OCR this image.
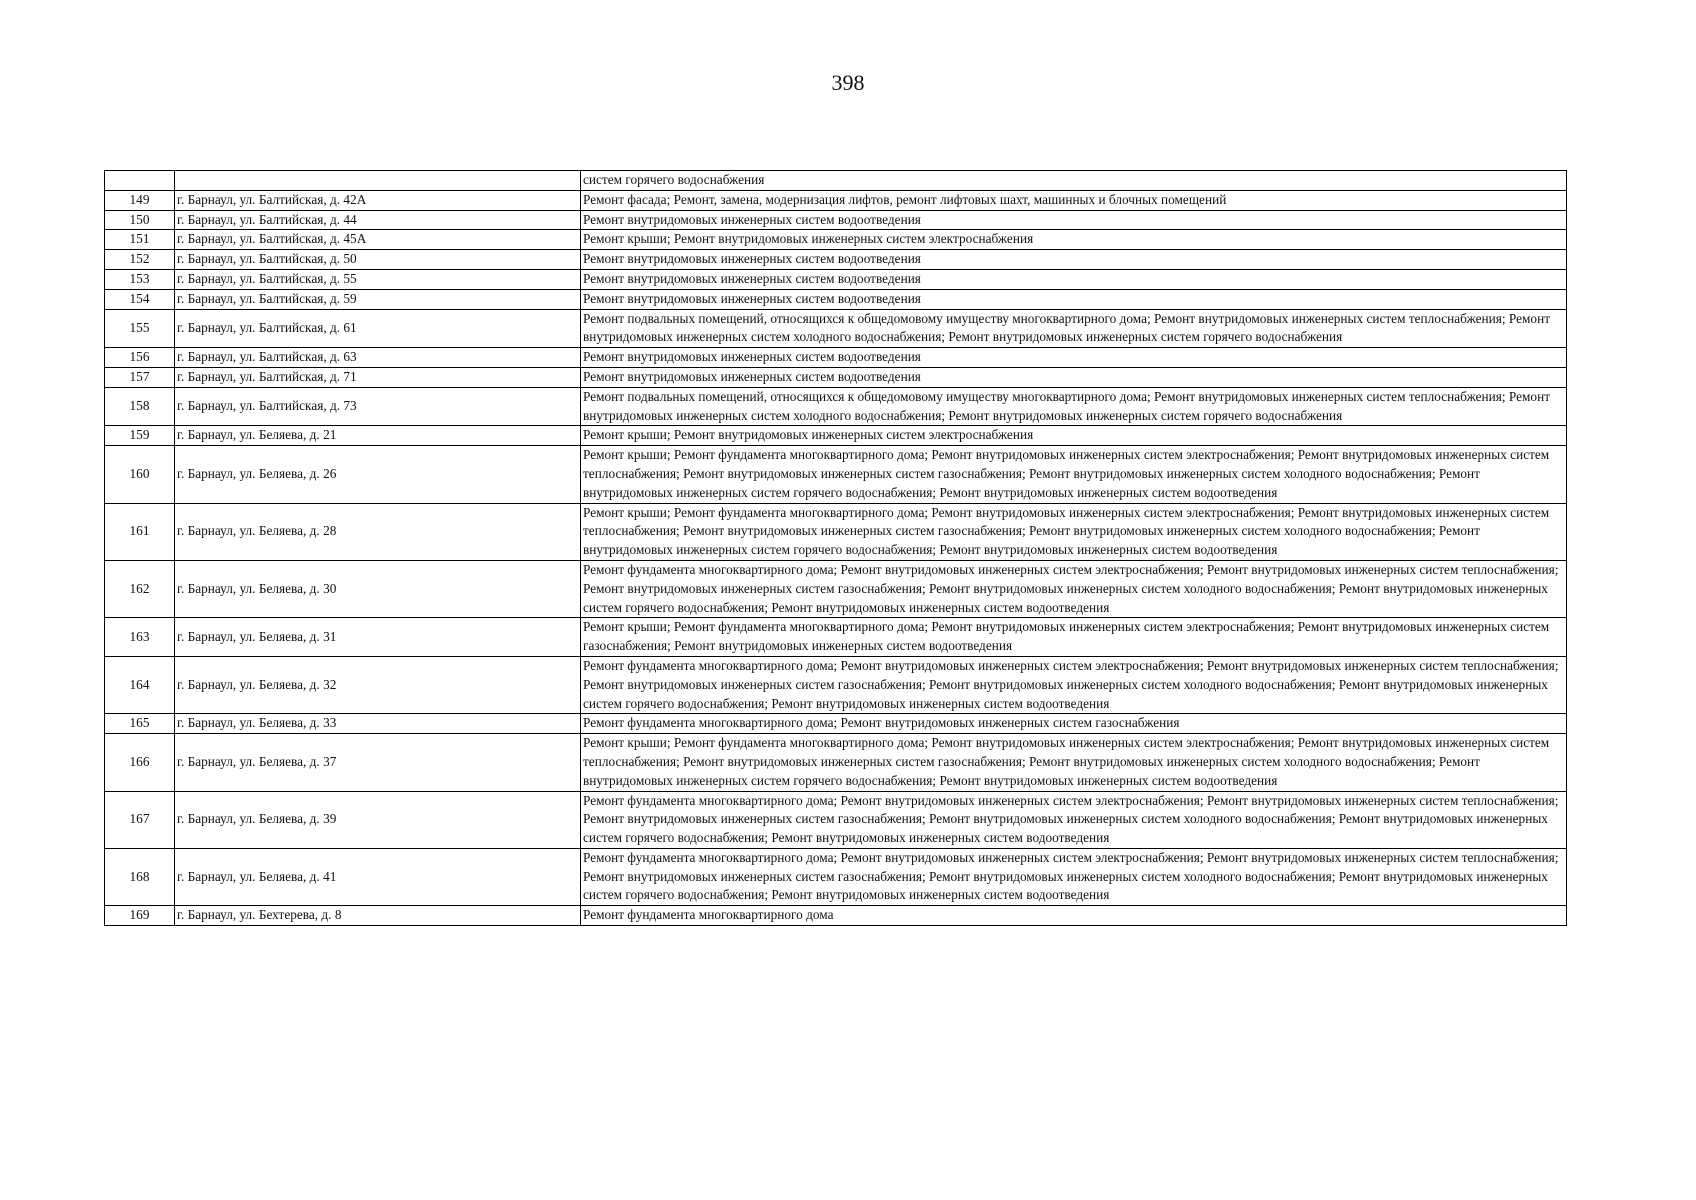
398
		систем горячего водоснабжения
149	г. Барнаул, ул. Балтийская, д. 42А	Ремонт фасада; Ремонт, замена, модернизация лифтов, ремонт лифтовых шахт, машинных и блочных помещений
150	г. Барнаул, ул. Балтийская, д. 44	Ремонт внутридомовых инженерных систем водоотведения
151	г. Барнаул, ул. Балтийская, д. 45А	Ремонт крыши; Ремонт внутридомовых инженерных систем электроснабжения
152	г. Барнаул, ул. Балтийская, д. 50	Ремонт внутридомовых инженерных систем водоотведения
153	г. Барнаул, ул. Балтийская, д. 55	Ремонт внутридомовых инженерных систем водоотведения
154	г. Барнаул, ул. Балтийская, д. 59	Ремонт внутридомовых инженерных систем водоотведения
155	г. Барнаул, ул. Балтийская, д. 61	Ремонт подвальных помещений, относящихся к общедомовому имуществу многоквартирного дома; Ремонт внутридомовых инженерных систем теплоснабжения; Ремонт внутридомовых инженерных систем холодного водоснабжения; Ремонт внутридомовых инженерных систем горячего водоснабжения
156	г. Барнаул, ул. Балтийская, д. 63	Ремонт внутридомовых инженерных систем водоотведения
157	г. Барнаул, ул. Балтийская, д. 71	Ремонт внутридомовых инженерных систем водоотведения
158	г. Барнаул, ул. Балтийская, д. 73	Ремонт подвальных помещений, относящихся к общедомовому имуществу многоквартирного дома; Ремонт внутридомовых инженерных систем теплоснабжения; Ремонт внутридомовых инженерных систем холодного водоснабжения; Ремонт внутридомовых инженерных систем горячего водоснабжения
159	г. Барнаул, ул. Беляева, д. 21	Ремонт крыши; Ремонт внутридомовых инженерных систем электроснабжения
160	г. Барнаул, ул. Беляева, д. 26	Ремонт крыши; Ремонт фундамента многоквартирного дома; Ремонт внутридомовых инженерных систем электроснабжения; Ремонт внутридомовых инженерных систем теплоснабжения; Ремонт внутридомовых инженерных систем газоснабжения; Ремонт внутридомовых инженерных систем холодного водоснабжения; Ремонт внутридомовых инженерных систем горячего водоснабжения; Ремонт внутридомовых инженерных систем водоотведения
161	г. Барнаул, ул. Беляева, д. 28	Ремонт крыши; Ремонт фундамента многоквартирного дома; Ремонт внутридомовых инженерных систем электроснабжения; Ремонт внутридомовых инженерных систем теплоснабжения; Ремонт внутридомовых инженерных систем газоснабжения; Ремонт внутридомовых инженерных систем холодного водоснабжения; Ремонт внутридомовых инженерных систем горячего водоснабжения; Ремонт внутридомовых инженерных систем водоотведения
162	г. Барнаул, ул. Беляева, д. 30	Ремонт фундамента многоквартирного дома; Ремонт внутридомовых инженерных систем электроснабжения; Ремонт внутридомовых инженерных систем теплоснабжения; Ремонт внутридомовых инженерных систем газоснабжения; Ремонт внутридомовых инженерных систем холодного водоснабжения; Ремонт внутридомовых инженерных систем горячего водоснабжения; Ремонт внутридомовых инженерных систем водоотведения
163	г. Барнаул, ул. Беляева, д. 31	Ремонт крыши; Ремонт фундамента многоквартирного дома; Ремонт внутридомовых инженерных систем электроснабжения; Ремонт внутридомовых инженерных систем газоснабжения; Ремонт внутридомовых инженерных систем водоотведения
164	г. Барнаул, ул. Беляева, д. 32	Ремонт фундамента многоквартирного дома; Ремонт внутридомовых инженерных систем электроснабжения; Ремонт внутридомовых инженерных систем теплоснабжения; Ремонт внутридомовых инженерных систем газоснабжения; Ремонт внутридомовых инженерных систем холодного водоснабжения; Ремонт внутридомовых инженерных систем горячего водоснабжения; Ремонт внутридомовых инженерных систем водоотведения
165	г. Барнаул, ул. Беляева, д. 33	Ремонт фундамента многоквартирного дома; Ремонт внутридомовых инженерных систем газоснабжения
166	г. Барнаул, ул. Беляева, д. 37	Ремонт крыши; Ремонт фундамента многоквартирного дома; Ремонт внутридомовых инженерных систем электроснабжения; Ремонт внутридомовых инженерных систем теплоснабжения; Ремонт внутридомовых инженерных систем газоснабжения; Ремонт внутридомовых инженерных систем холодного водоснабжения; Ремонт внутридомовых инженерных систем горячего водоснабжения; Ремонт внутридомовых инженерных систем водоотведения
167	г. Барнаул, ул. Беляева, д. 39	Ремонт фундамента многоквартирного дома; Ремонт внутридомовых инженерных систем электроснабжения; Ремонт внутридомовых инженерных систем теплоснабжения; Ремонт внутридомовых инженерных систем газоснабжения; Ремонт внутридомовых инженерных систем холодного водоснабжения; Ремонт внутридомовых инженерных систем горячего водоснабжения; Ремонт внутридомовых инженерных систем водоотведения
168	г. Барнаул, ул. Беляева, д. 41	Ремонт фундамента многоквартирного дома; Ремонт внутридомовых инженерных систем электроснабжения; Ремонт внутридомовых инженерных систем теплоснабжения; Ремонт внутридомовых инженерных систем газоснабжения; Ремонт внутридомовых инженерных систем холодного водоснабжения; Ремонт внутридомовых инженерных систем горячего водоснабжения; Ремонт внутридомовых инженерных систем водоотведения
169	г. Барнаул, ул. Бехтерева, д. 8	Ремонт фундамента многоквартирного дома
